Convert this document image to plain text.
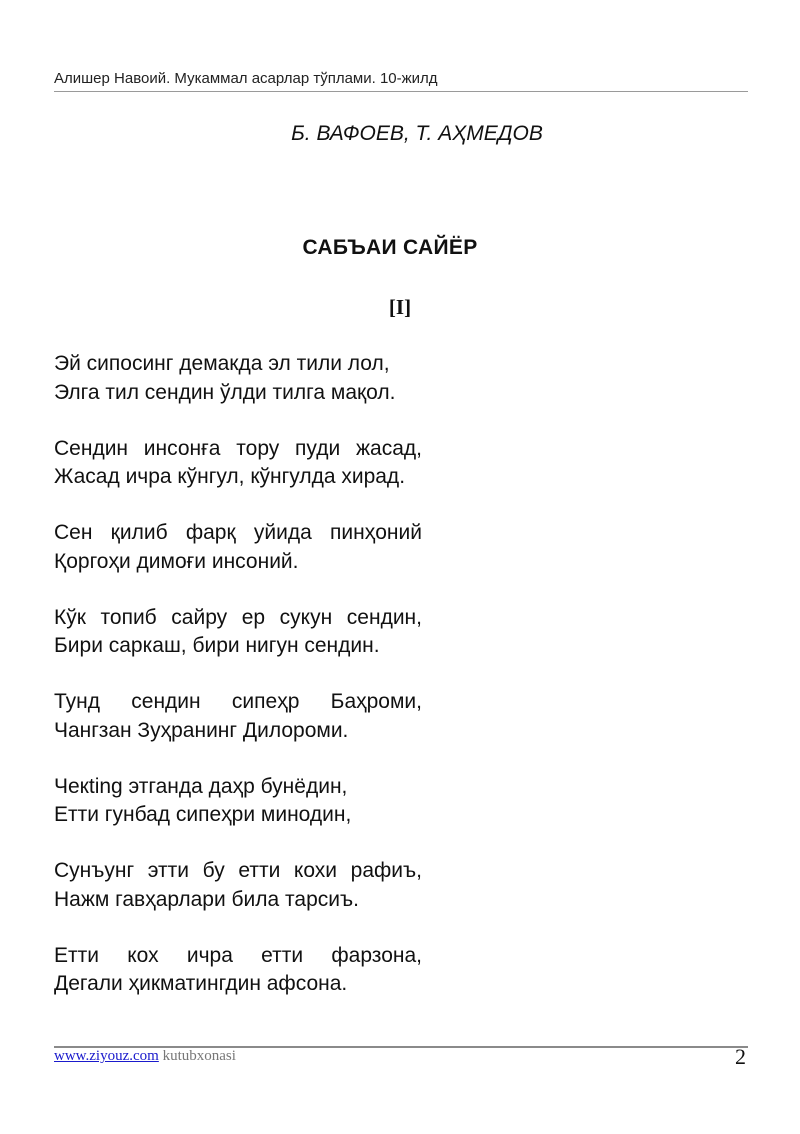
Алишер Навоий. Мукаммал асарлар тўплами. 10-жилд
Б. ВАФОЕВ, Т. АҲМЕДОВ
САБЪАИ САЙЁР
[I]
Эй сипосинг демакда эл тили лол,
Элга тил сендин ўлди тилга мақол.
Сендин инсонға тору пуди жасад,
Жасад ичра кўнгул, кўнгулда хирад.
Сен қилиб фарқ уйида пинҳоний
Қоргоҳи димоғи инсоний.
Кўк топиб сайру ер сукун сендин,
Бири саркаш, бири нигун сендин.
Тунд сендин сипеҳр Баҳроми,
Чангзан Зуҳранинг Дилороми.
Чекting этганда даҳр бунёдин,
Етти гунбад сипеҳри минодин,
Сунъунг этти бу етти кохи рафиъ,
Нажм гавҳарлари била тарсиъ.
Етти кох ичра етти фарзона,
Дегали ҳикматингдин афсона.
www.ziyouz.com kutubxonasi	2
